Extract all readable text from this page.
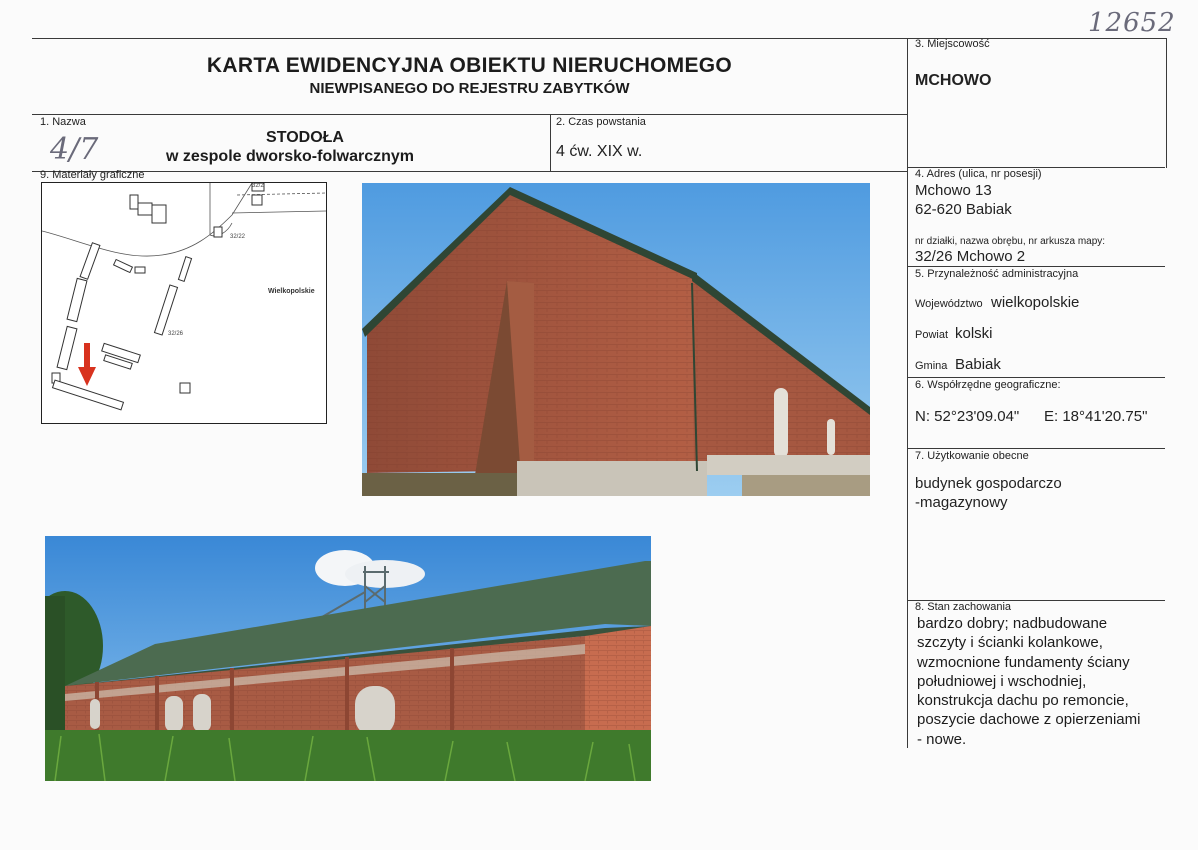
12652
KARTA EWIDENCYJNA OBIEKTU NIERUCHOMEGO
NIEWPISANEGO DO REJESTRU ZABYTKÓW
1. Nazwa
4/7	STODOŁA
w zespole dworsko-folwarcznym
2. Czas powstania
4 ćw. XIX w.
3. Miejscowość
MCHOWO
4. Adres (ulica, nr posesji)
Mchowo 13
62-620 Babiak
nr działki, nazwa obrębu, nr arkusza mapy:
32/26 Mchowo 2
5. Przynależność administracyjna
Województwo wielkopolskie
Powiat kolski
Gmina Babiak
6. Współrzędne geograficzne:
N: 52°23'09.04" E: 18°41'20.75"
7. Użytkowanie obecne
budynek gospodarczo
-magazynowy
8. Stan zachowania
bardzo dobry; nadbudowane
szczyty i ścianki kolankowe,
wzmocnione fundamenty ściany
południowej i wschodniej,
konstrukcja dachu po remoncie,
poszycie dachowe z opierzeniami
- nowe.
9. Materiały graficzne
32/22
32/26
32/2
Wielkopolskie
